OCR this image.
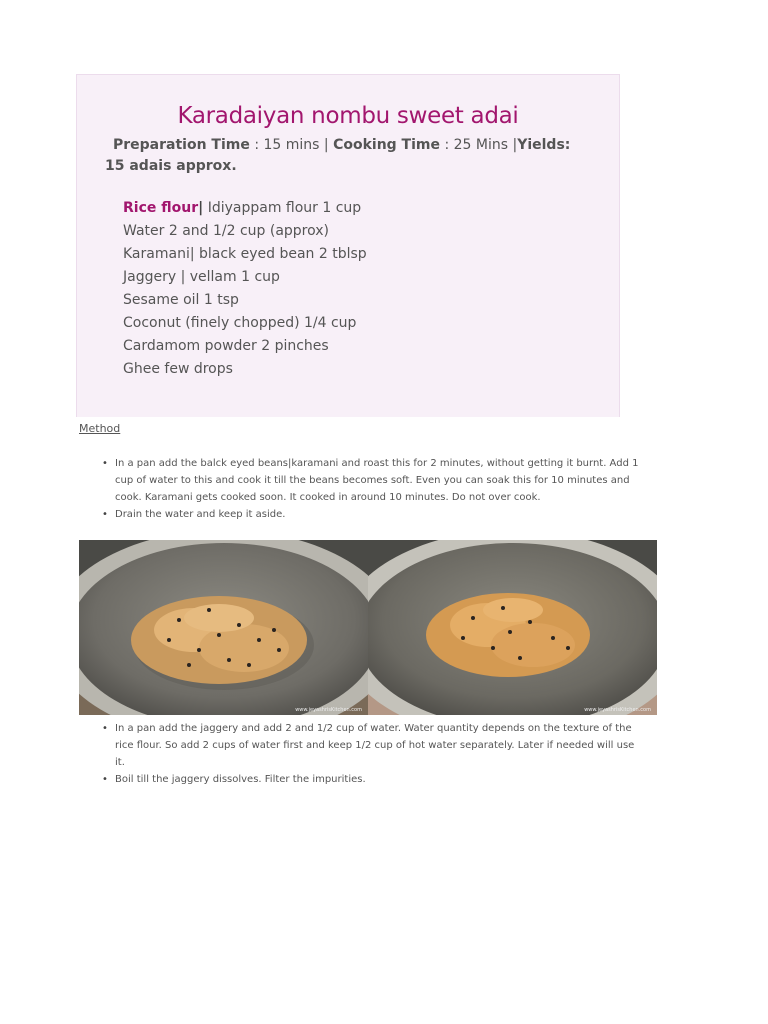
Karadaiyan nombu sweet adai

Preparation Time : 15 mins | Cooking Time : 25 Mins |Yields: 15 adais approx.

Rice flour| Idiyappam flour 1 cup
Water 2 and 1/2 cup (approx)
Karamani| black eyed bean 2 tblsp
Jaggery | vellam 1 cup
Sesame oil 1 tsp
Coconut (finely chopped) 1/4 cup
Cardamom powder 2 pinches
Ghee few drops
Method
• In a pan add the balck eyed beans|karamani and roast this for 2 minutes, without getting it burnt. Add 1 cup of water to this and cook it till the beans becomes soft. Even you can soak this for 10 minutes and cook. Karamani gets cooked soon. It cooked in around 10 minutes. Do not over cook.
• Drain the water and keep it aside.
www.jeyashrisKitchen.com	www.jeyashrisKitchen.com
• In a pan add the jaggery and add 2 and 1/2 cup of water. Water quantity depends on the texture of the rice flour. So add 2 cups of water first and keep 1/2 cup of hot water separately. Later if needed will use it.
• Boil till the jaggery dissolves. Filter the impurities.
